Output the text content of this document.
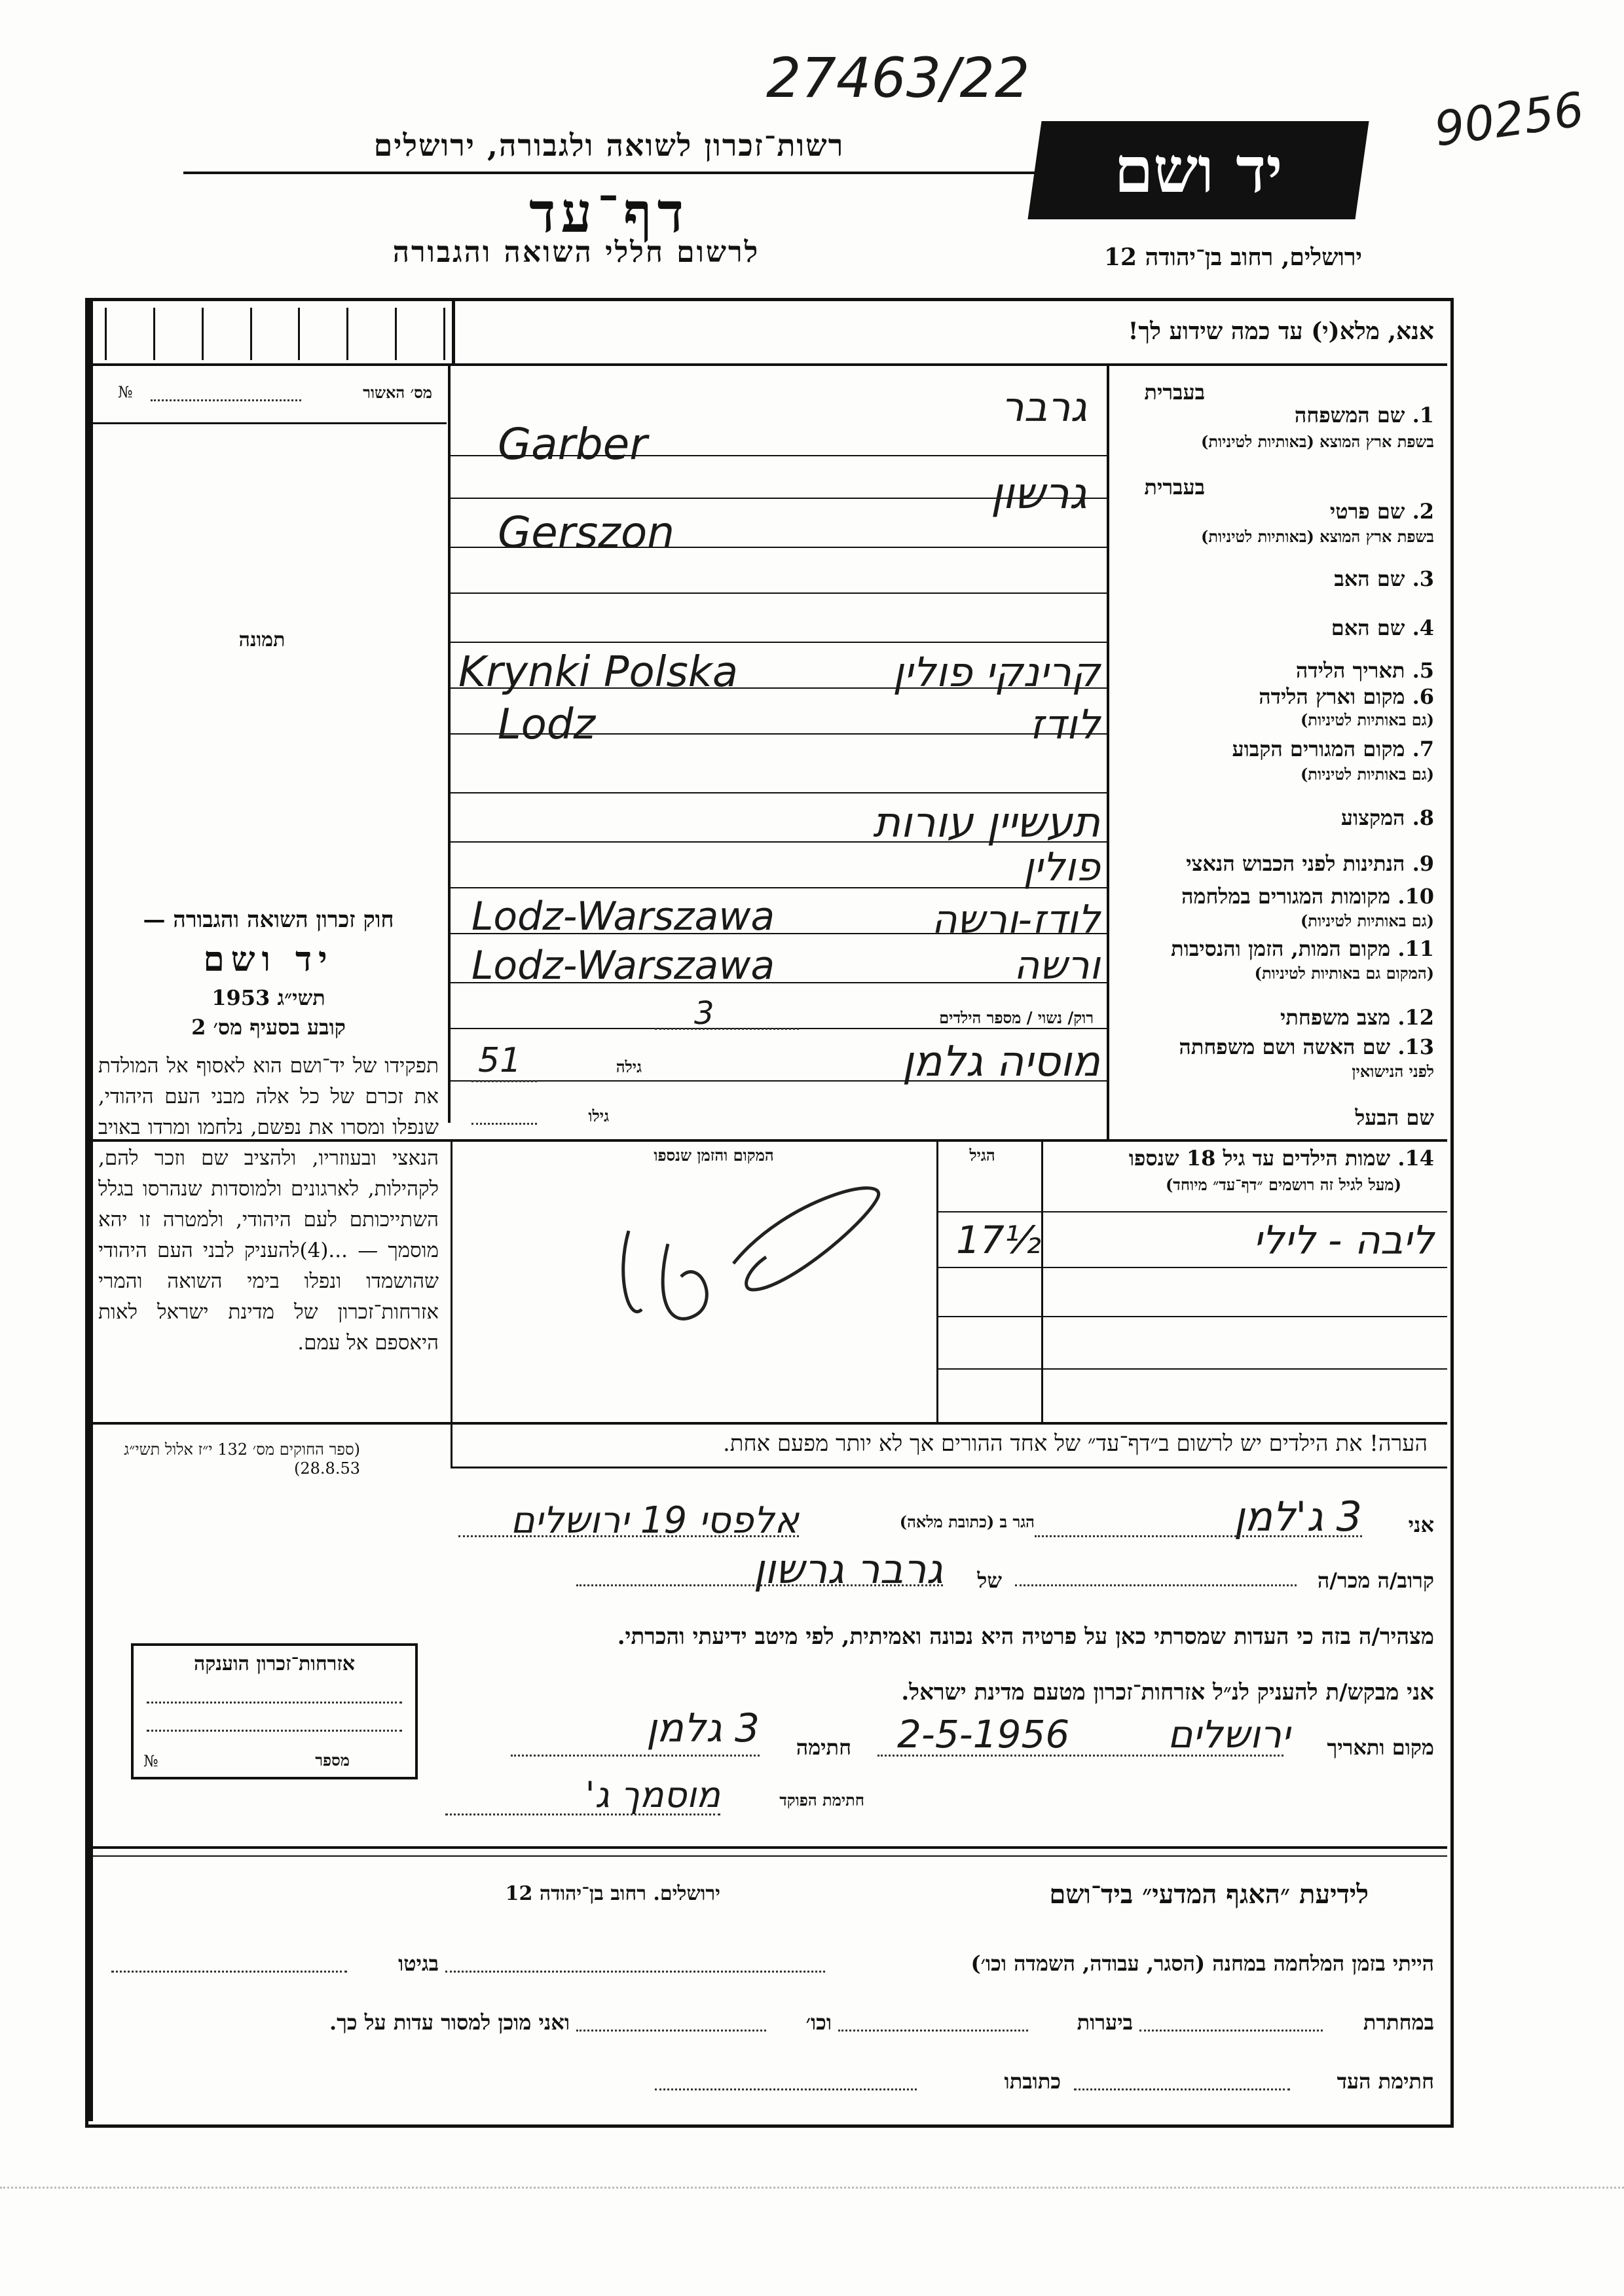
27463/22
90256
רשות־זכרון לשואה ולגבורה, ירושלים
דף־עד
לרשום חללי השואה והגבורה
יד ושם
ירושלים, רחוב בן־יהודה 12
אנא, מלא(י) עד כמה שידוע לך!
№	מס׳ האשור
תמונה
בעברית
1. שם המשפחה
בשפת ארץ המוצא (באותיות לטיניות)
בעברית
2. שם פרטי
בשפת ארץ המוצא (באותיות לטיניות)
3. שם האב
4. שם האם
5. תאריך הלידה
6. מקום וארץ הלידה
(גם באותיות לטיניות)
7. מקום המגורים הקבוע
(גם באותיות לטיניות)
8. המקצוע
9. הנתינות לפני הכבוש הנאצי
10. מקומות המגורים במלחמה
(גם באותיות לטיניות)
11. מקום המות, הזמן והנסיבות
(המקום גם באותיות לטיניות)
12. מצב משפחתי
13. שם האשה ושם משפחתה
לפני הנישואין
שם הבעל
גרבר
Garber
גרשון
Gerszon
קרינקי פולין
Krynki Polska
לודז
Lodz
תעשיין עורות
פולין
לודז-ורשה
Lodz-Warszawa
ורשה
Lodz-Warszawa
רוק/ נשוי / מספר הילדים
3
מוסיה גלמן
גילה
51
גילו
14. שמות הילדים עד גיל 18 שנספו
(מעל לגיל זה רושמים ״דף־עד״ מיוחד)
הגיל
המקום והזמן שנספו
ליבה - לילי
17½
הערה! את הילדים יש לרשום ב״דף־עד״ של אחד ההורים אך לא יותר מפעם אחת.
חוק זכרון השואה והגבורה —
יד ושם
תשי״ג 1953
קובע בסעיף מס׳ 2
תפקידו של יד־ושם הוא לאסוף אל המולדת את זכרם של כל אלה מבני העם היהודי, שנפלו ומסרו את נפשם, נלחמו ומרדו באויב הנאצי ובעוזריו, ולהציב שם וזכר להם, לקהילות, לארגונים ולמוסדות שנהרסו בגלל השתייכותם לעם היהודי, ולמטרה זו יהא מוסמך — ...(4)להעניק לבני העם היהודי שהושמדו ונפלו בימי השואה והמרי אזרחות־זכרון של מדינת ישראל לאות היאספם אל עמם.
(ספר החוקים מס׳ 132 י״ז אלול תשי״ג 28.8.53)
אזרחות־זכרון הוענקה
№	מספר
אני
3 ג'למן
הגר ב (כתובת מלאה)
אלפסי 19 ירושלים
קרוב/ה מכר/ה
של
גרבר גרשון
מצהיר/ה בזה כי העדות שמסרתי כאן על פרטיה היא נכונה ואמיתית, לפי מיטב ידיעתי והכרתי.
אני מבקש/ת להעניק לנ״ל אזרחות־זכרון מטעם מדינת ישראל.
מקום ותאריך
ירושלים
2-5-1956
חתימה
3 גלמן
חתימת הפוקד
מוסמך ג'
לידיעת ״האגף המדעי״ ביד־ושם
ירושלים. רחוב בן־יהודה 12
הייתי בזמן המלחמה במחנה (הסגר, עבודה, השמדה וכו׳)
בגיטו
במחתרת
ביערות
וכו׳
ואני מוכן למסור עדות על כך.
חתימת העד
כתובתו
